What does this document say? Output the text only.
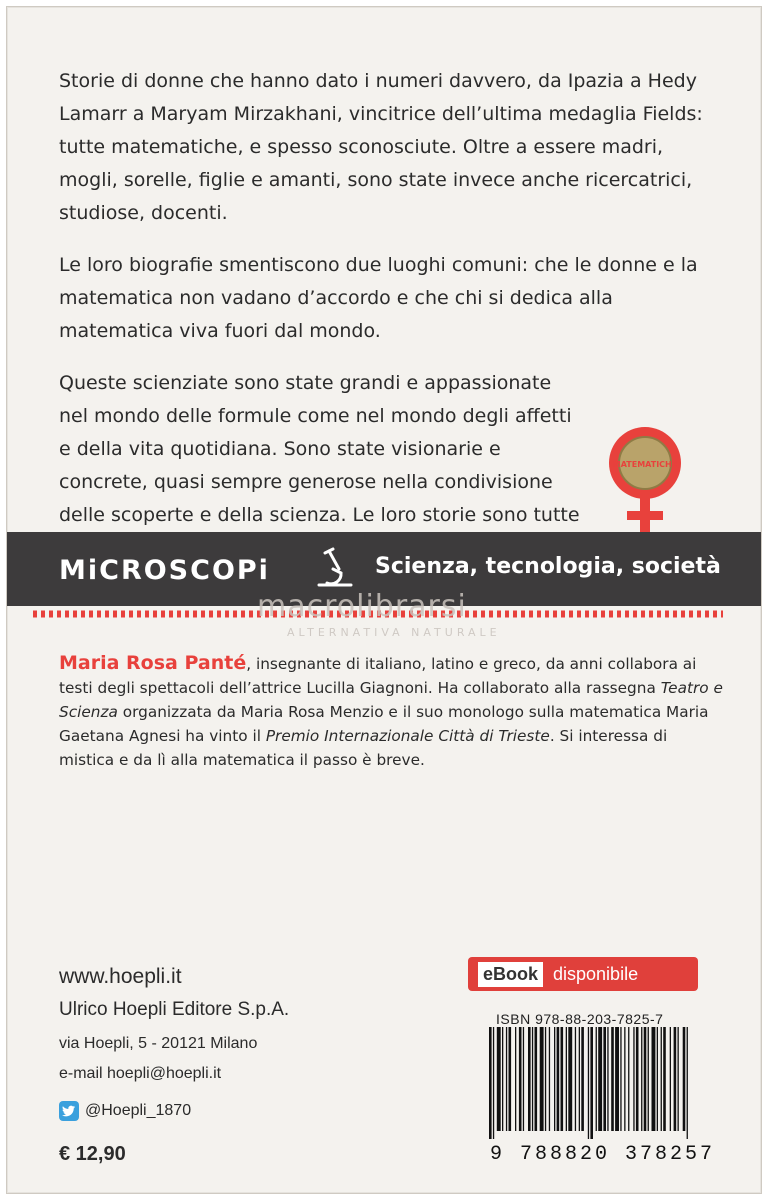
Storie di donne che hanno dato i numeri davvero, da Ipazia a Hedy Lamarr a Maryam Mirzakhani, vincitrice dell’ultima medaglia Fields: tutte matematiche, e spesso sconosciute. Oltre a essere madri, mogli, sorelle, figlie e amanti, sono state invece anche ricercatrici, studiose, docenti.

Le loro biografie smentiscono due luoghi comuni: che le donne e la matematica non vadano d’accordo e che chi si dedica alla matematica viva fuori dal mondo.

Queste scienziate sono state grandi e appassionate nel mondo delle formule come nel mondo degli affetti e della vita quotidiana. Sono state visionarie e concrete, quasi sempre generose nella condivisione delle scoperte e della scienza. Le loro storie sono tutte

MATEMATICHE
MiCROSCOPi	Scienza, tecnologia, società
macrolibrarsi
ALTERNATIVA NATURALE
Maria Rosa Panté, insegnante di italiano, latino e greco, da anni collabora ai testi degli spettacoli dell’attrice Lucilla Giagnoni. Ha collaborato alla rassegna Teatro e Scienza organizzata da Maria Rosa Menzio e il suo monologo sulla matematica Maria Gaetana Agnesi ha vinto il Premio Internazionale Città di Trieste. Si interessa di mistica e da lì alla matematica il passo è breve.
www.hoepli.it
Ulrico Hoepli Editore S.p.A.
via Hoepli, 5 - 20121 Milano
e-mail hoepli@hoepli.it
@Hoepli_1870
€ 12,90
eBook disponibile
ISBN 978-88-203-7825-7
9 788820 378257
